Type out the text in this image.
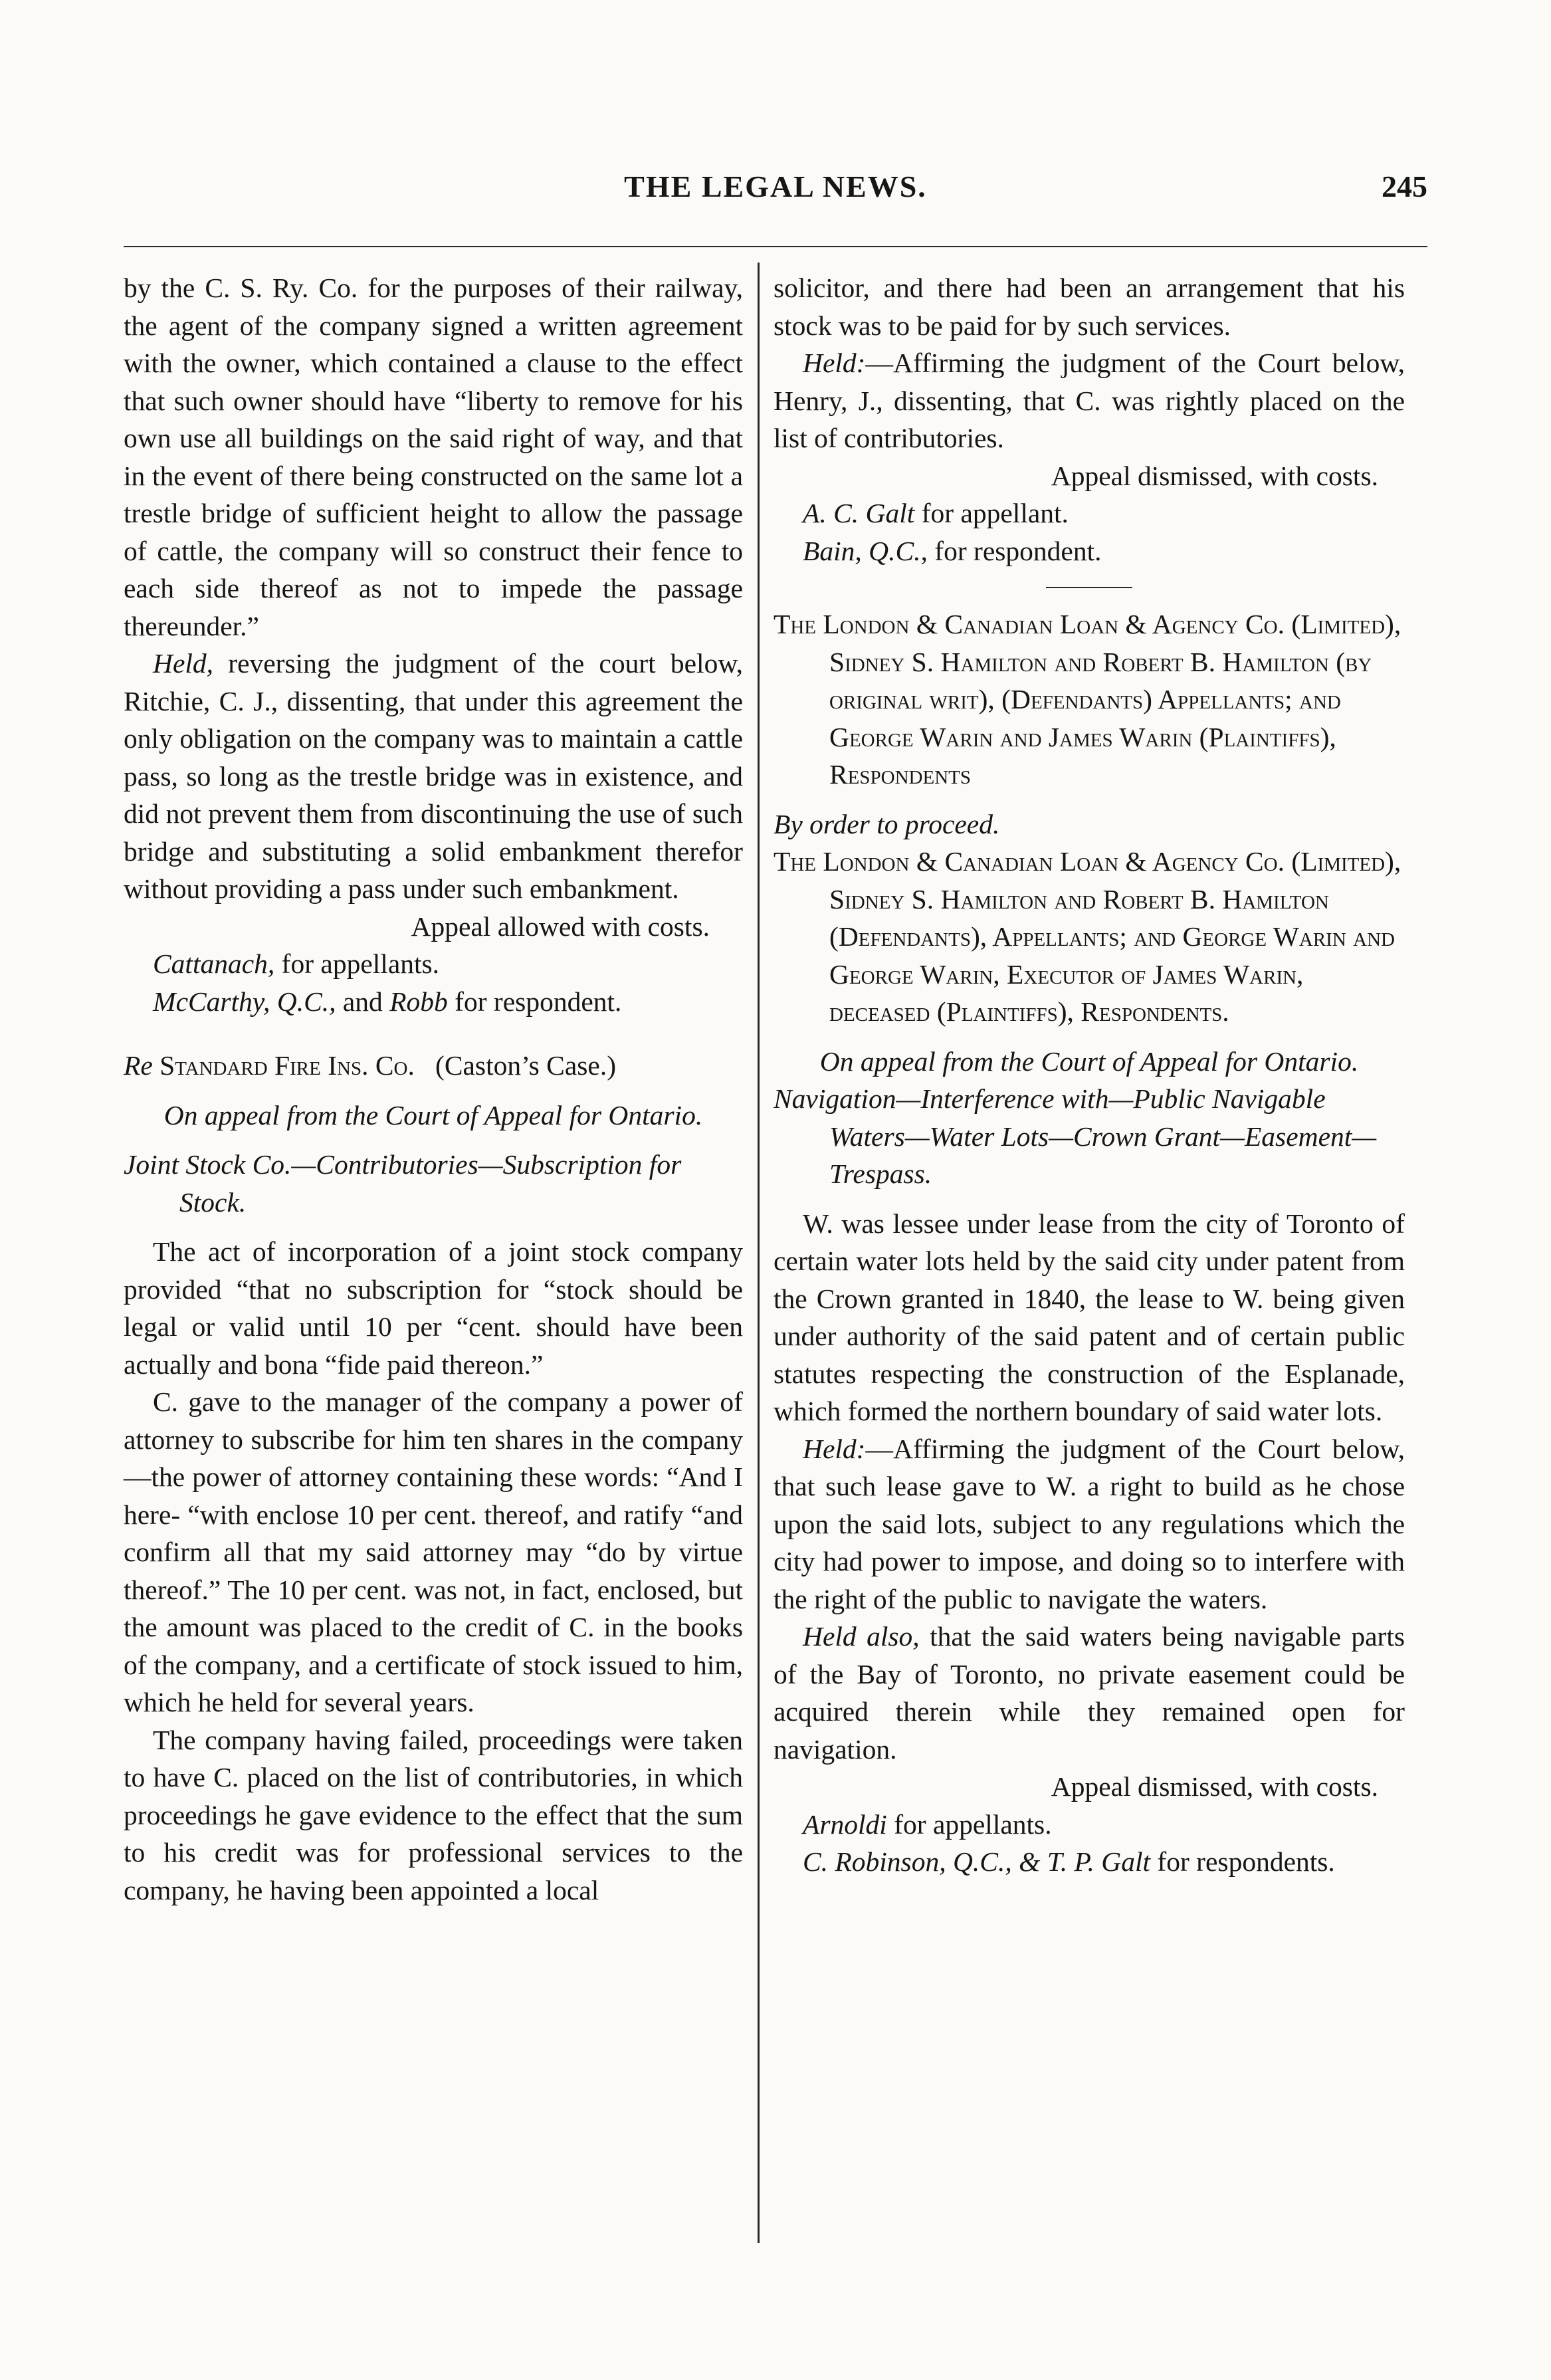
THE LEGAL NEWS.	245

by the C. S. Ry. Co. for the purposes of their railway, the agent of the company signed a written agreement with the owner, which contained a clause to the effect that such owner should have “liberty to remove for his own use all buildings on the said right of way, and that in the event of there being constructed on the same lot a trestle bridge of sufficient height to allow the passage of cattle, the company will so construct their fence to each side thereof as not to impede the passage thereunder.”

Held, reversing the judgment of the court below, Ritchie, C. J., dissenting, that under this agreement the only obligation on the company was to maintain a cattle pass, so long as the trestle bridge was in existence, and did not prevent them from discontinuing the use of such bridge and substituting a solid embankment therefor without providing a pass under such embankment.

Appeal allowed with costs.

Cattanach, for appellants.

McCarthy, Q.C., and Robb for respondent.

Re Standard Fire Ins. Co. (Caston’s Case.)

On appeal from the Court of Appeal for Ontario.

Joint Stock Co.—Contributories—Subscription for Stock.

The act of incorporation of a joint stock company provided “that no subscription for “stock should be legal or valid until 10 per “cent. should have been actually and bona “fide paid thereon.”

C. gave to the manager of the company a power of attorney to subscribe for him ten shares in the company—the power of attorney containing these words: “And I here- “with enclose 10 per cent. thereof, and ratify “and confirm all that my said attorney may “do by virtue thereof.” The 10 per cent. was not, in fact, enclosed, but the amount was placed to the credit of C. in the books of the company, and a certificate of stock issued to him, which he held for several years.

The company having failed, proceedings were taken to have C. placed on the list of contributories, in which proceedings he gave evidence to the effect that the sum to his credit was for professional services to the company, he having been appointed a local

solicitor, and there had been an arrangement that his stock was to be paid for by such services.

Held:—Affirming the judgment of the Court below, Henry, J., dissenting, that C. was rightly placed on the list of contributories.

Appeal dismissed, with costs.

A. C. Galt for appellant.

Bain, Q.C., for respondent.

The London & Canadian Loan & Agency Co. (Limited), Sidney S. Hamilton and Robert B. Hamilton (by original writ), (Defendants) Appellants; and George Warin and James Warin (Plaintiffs), Respondents

By order to proceed.

The London & Canadian Loan & Agency Co. (Limited), Sidney S. Hamilton and Robert B. Hamilton (Defendants), Appellants; and George Warin and George Warin, Executor of James Warin, deceased (Plaintiffs), Respondents.

On appeal from the Court of Appeal for Ontario.

Navigation—Interference with—Public Navigable Waters—Water Lots—Crown Grant—Easement—Trespass.

W. was lessee under lease from the city of Toronto of certain water lots held by the said city under patent from the Crown granted in 1840, the lease to W. being given under authority of the said patent and of certain public statutes respecting the construction of the Esplanade, which formed the northern boundary of said water lots.

Held:—Affirming the judgment of the Court below, that such lease gave to W. a right to build as he chose upon the said lots, subject to any regulations which the city had power to impose, and doing so to interfere with the right of the public to navigate the waters.

Held also, that the said waters being navigable parts of the Bay of Toronto, no private easement could be acquired therein while they remained open for navigation.

Appeal dismissed, with costs.

Arnoldi for appellants.

C. Robinson, Q.C., & T. P. Galt for respondents.
